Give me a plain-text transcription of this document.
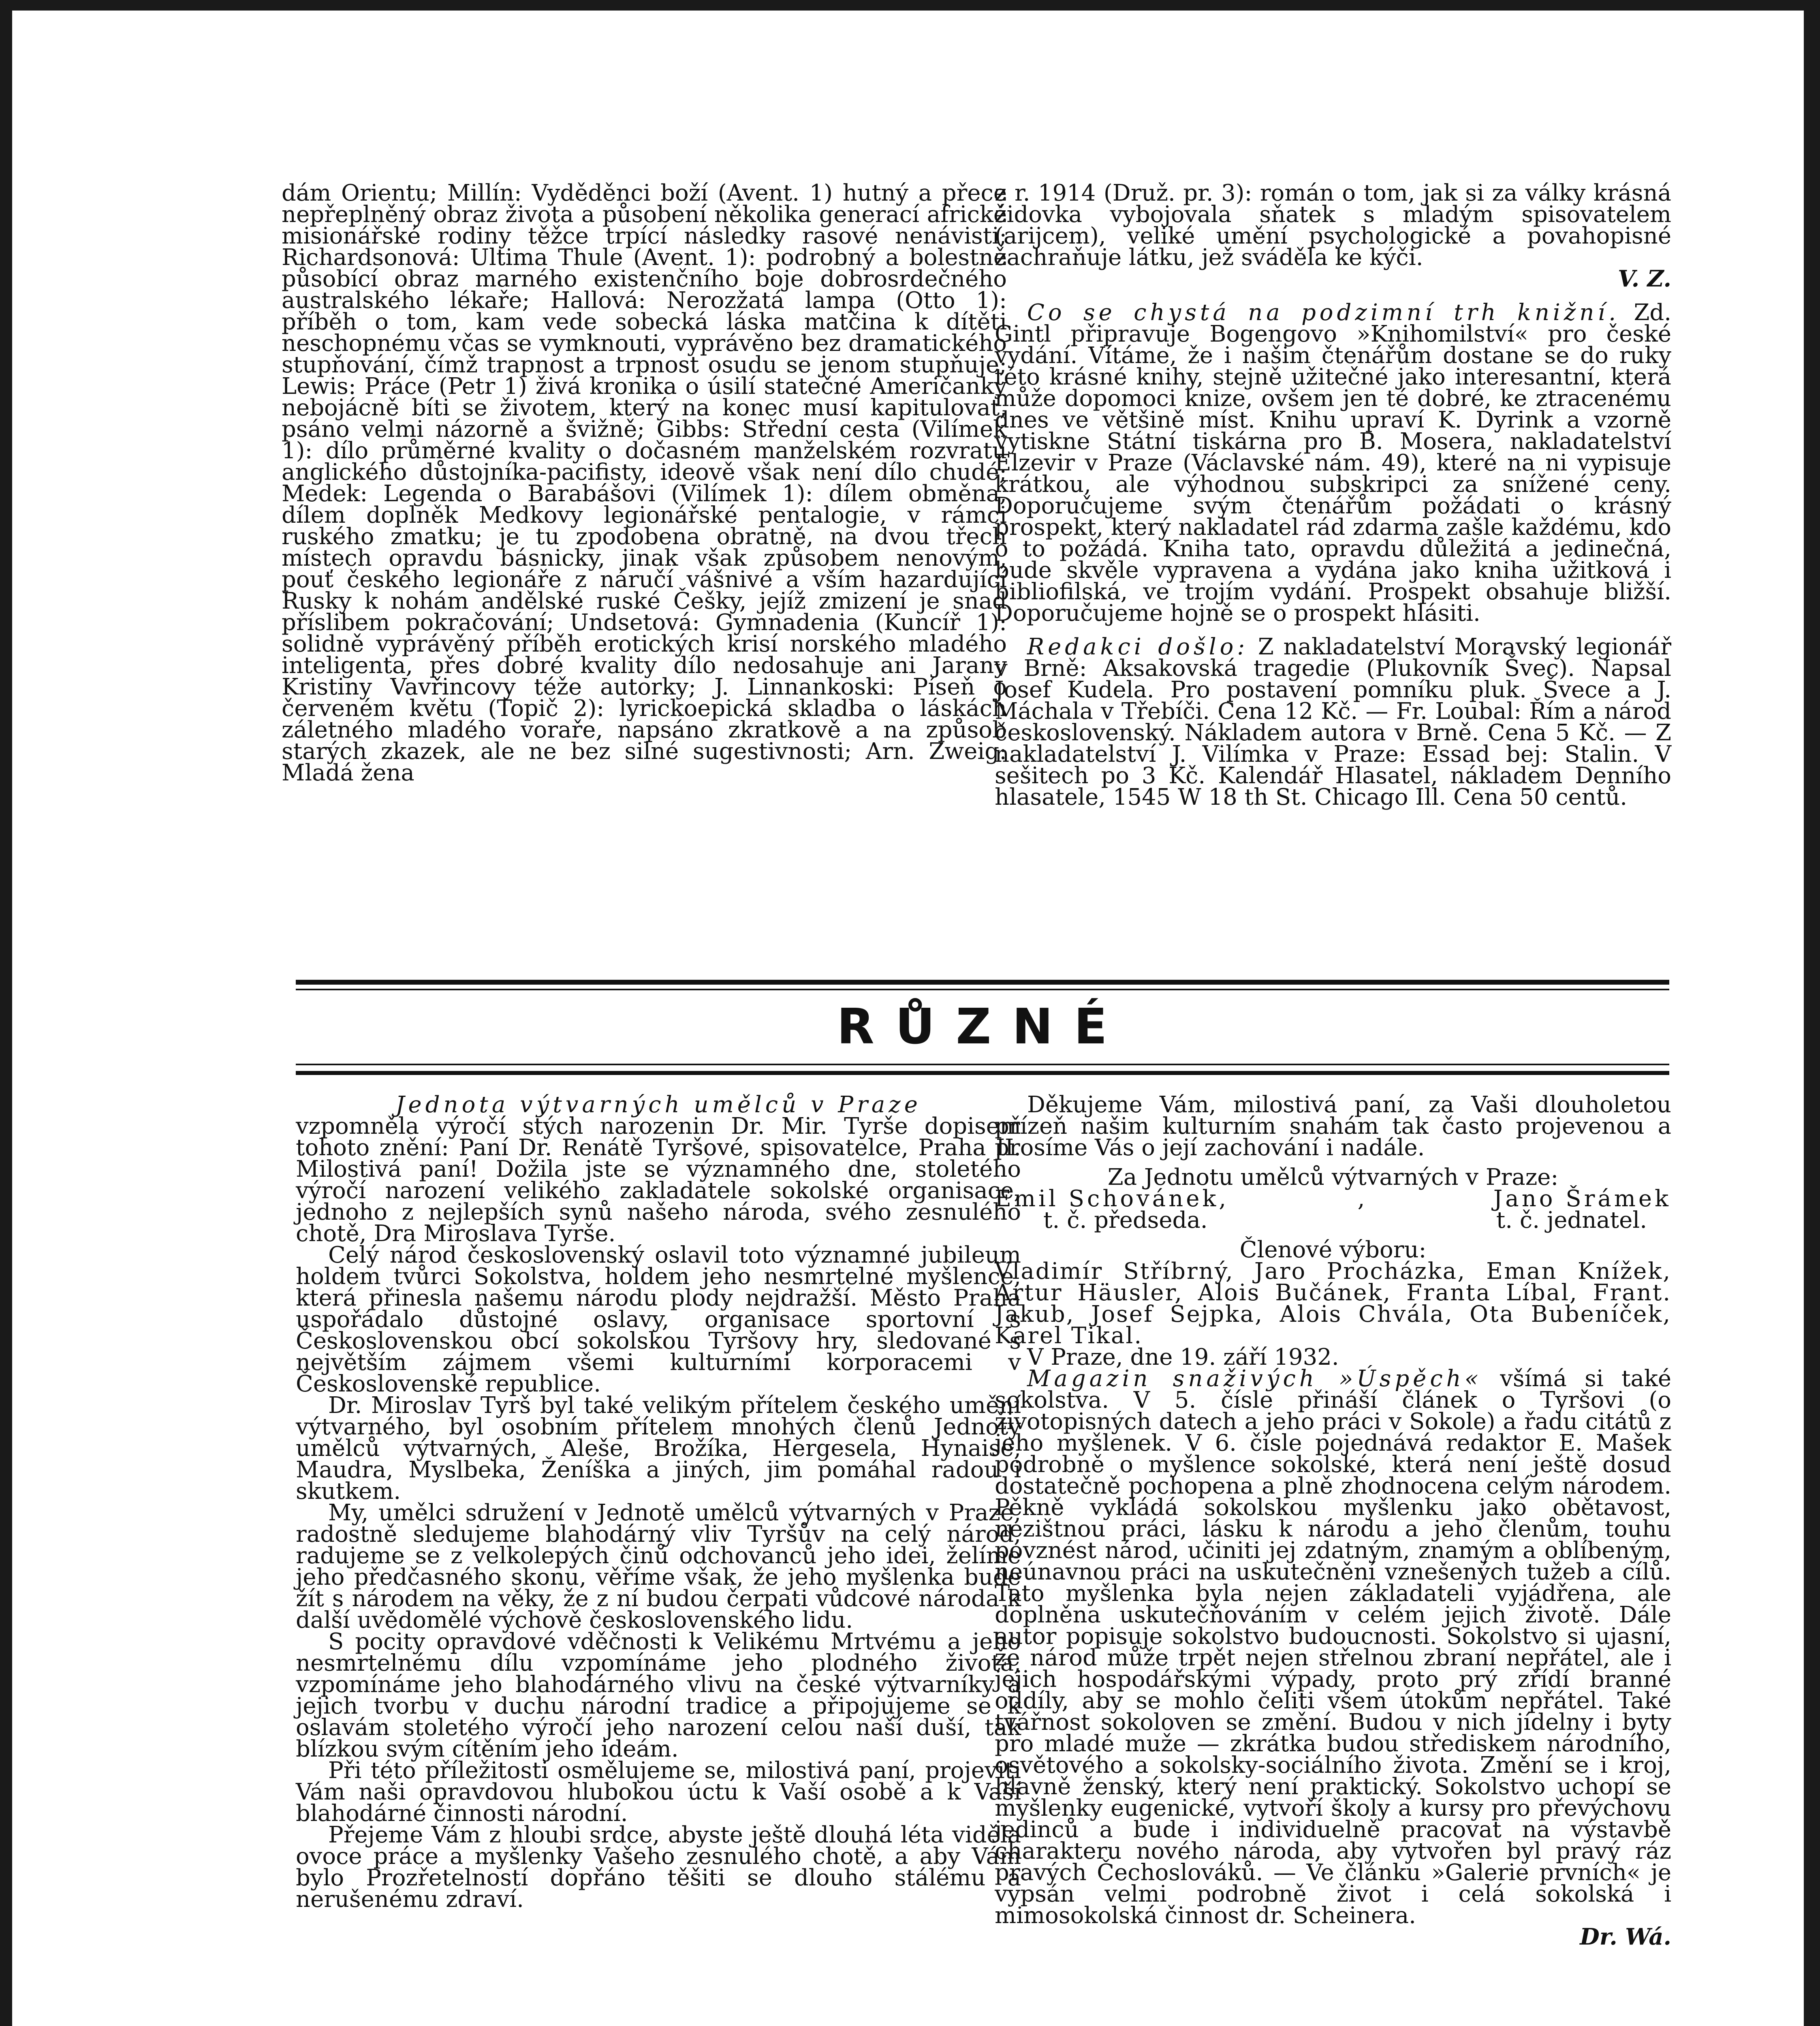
dám Orientu; Millín: Vyděděnci boží (Avent. 1) hutný a přece nepřeplněný obraz života a působení několika generací africké misionářské rodiny těžce trpící následky rasové nenávisti; Richardsonová: Ultima Thule (Avent. 1): podrobný a bolestně působící obraz marného existenčního boje dobrosrdečného australského lékaře; Hallová: Nerozžatá lampa (Otto 1): příběh o tom, kam vede sobecká láska matčina k dítěti neschopnému včas se vymknouti, vyprávěno bez dramatického stupňování, čímž trapnost a trpnost osudu se jenom stupňuje; Lewis: Práce (Petr 1) živá kronika o úsilí statečné Američanky nebojácně bíti se životem, který na konec musí kapitulovat, psáno velmi názorně a švižně; Gibbs: Střední cesta (Vilímek 1): dílo průměrné kvality o dočasném manželském rozvratu anglického důstojníka-pacifisty, ideově však není dílo chudé; Medek: Legenda o Barabášovi (Vilímek 1): dílem obměna, dílem doplněk Medkovy legionářské pentalogie, v rámci ruského zmatku; je tu zpodobena obratně, na dvou třech místech opravdu básnicky, jinak však způsobem nenovým, pouť českého legionáře z náručí vášnivé a vším hazardující Rusky k nohám andělské ruské Češky, jejíž zmizení je snad příslibem pokračování; Undsetová: Gymnadenia (Kuncíř 1): solidně vyprávěný příběh erotických krisí norského mladého inteligenta, přes dobré kvality dílo nedosahuje ani Jarany Kristiny Vavřincovy téže autorky; J. Linnankoski: Píseň o červeném květu (Topič 2): lyrickoepická skladba o láskách záletného mladého voraře, napsáno zkratkově a na způsob starých zkazek, ale ne bez silné sugestivnosti; Arn. Zweig: Mladá žena

z r. 1914 (Druž. pr. 3): román o tom, jak si za války krásná židovka vybojovala sňatek s mladým spisovatelem (arijcem), veliké umění psychologické a povahopisné zachraňuje látku, jež sváděla ke kýči.

V. Z.

Co se chystá na podzimní trh knižní. Zd. Gintl připravuje Bogengovo »Knihomilství« pro české vydání. Vítáme, že i našim čtenářům dostane se do ruky této krásné knihy, stejně užitečné jako interesantní, která může dopomoci knize, ovšem jen té dobré, ke ztracenému dnes ve většině míst. Knihu upraví K. Dyrink a vzorně vytiskne Státní tiskárna pro B. Mosera, nakladatelství Elzevir v Praze (Václavské nám. 49), které na ni vypisuje krátkou, ale výhodnou subskripci za snížené ceny. Doporučujeme svým čtenářům požádati o krásný prospekt, který nakladatel rád zdarma zašle každému, kdo o to požádá. Kniha tato, opravdu důležitá a jedinečná, bude skvěle vypravena a vydána jako kniha užitková i bibliofilská, ve trojím vydání. Prospekt obsahuje bližší. Doporučujeme hojně se o prospekt hlásiti.

Redakci došlo: Z nakladatelství Moravský legionář v Brně: Aksakovská tragedie (Plukovník Švec). Napsal Josef Kudela. Pro postavení pomníku pluk. Švece a J. Máchala v Třebíči. Cena 12 Kč. — Fr. Loubal: Řím a národ československý. Nákladem autora v Brně. Cena 5 Kč. — Z nakladatelství J. Vilímka v Praze: Essad bej: Stalin. V sešitech po 3 Kč. Kalendář Hlasatel, nákladem Denního hlasatele, 1545 W 18 th St. Chicago Ill. Cena 50 centů.

RŮZNÉ

Jednota výtvarných umělců v Praze

vzpomněla výročí stých narozenin Dr. Mir. Tyrše dopisem tohoto znění: Paní Dr. Renátě Tyršové, spisovatelce, Praha II. Milostivá paní! Dožila jste se významného dne, stoletého výročí narození velikého zakladatele sokolské organisace, jednoho z nejlepších synů našeho národa, svého zesnulého chotě, Dra Miroslava Tyrše.

Celý národ československý oslavil toto významné jubileum holdem tvůrci Sokolstva, holdem jeho nesmrtelné myšlence, která přinesla našemu národu plody nejdražší. Město Praha uspořádalo důstojné oslavy, organisace sportovní s Československou obcí sokolskou Tyršovy hry, sledované s největším zájmem všemi kulturními korporacemi v Československé republice.

Dr. Miroslav Tyrš byl také velikým přítelem českého umění výtvarného, byl osobním přítelem mnohých členů Jednoty umělců výtvarných, Aleše, Brožíka, Hergesela, Hynaise, Maudra, Myslbeka, Ženíška a jiných, jim pomáhal radou i skutkem.

My, umělci sdružení v Jednotě umělců výtvarných v Praze, radostně sledujeme blahodárný vliv Tyršův na celý národ, radujeme se z velkolepých činů odchovanců jeho idei, želíme jeho předčasného skonu, věříme však, že jeho myšlenka bude žít s národem na věky, že z ní budou čerpati vůdcové národa k další uvědomělé výchově československého lidu.

S pocity opravdové vděčnosti k Velikému Mrtvému a jeho nesmrtelnému dílu vzpomínáme jeho plodného života, vzpomínáme jeho blahodárného vlivu na české výtvarníky a jejich tvorbu v duchu národní tradice a připojujeme se k oslavám stoletého výročí jeho narození celou naší duší, tak blízkou svým cítěním jeho ideám.

Při této příležitosti osmělujeme se, milostivá paní, projeviti Vám naši opravdovou hlubokou úctu k Vaší osobě a k Vaší blahodárné činnosti národní.

Přejeme Vám z hloubi srdce, abyste ještě dlouhá léta viděla ovoce práce a myšlenky Vašeho zesnulého chotě, a aby Vám bylo Prozřetelností dopřáno těšiti se dlouho stálému a nerušenému zdraví.

Děkujeme Vám, milostivá paní, za Vaši dlouholetou přízeň našim kulturním snahám tak často projevenou a prosíme Vás o její zachování i nadále.

Za Jednotu umělců výtvarných v Praze:

Emil Schovánek,	,	Jano Šrámek
t. č. předseda.	t. č. jednatel.

Členové výboru:

Vladimír Stříbrný, Jaro Procházka, Eman Knížek, Artur Häusler, Alois Bučánek, Franta Líbal, Frant. Jakub, Josef Sejpka, Alois Chvála, Ota Bubeníček, Karel Tikal.

V Praze, dne 19. září 1932.

Magazin snaživých »Úspěch« všímá si také sokolstva. V 5. čísle přináší článek o Tyršovi (o životopisných datech a jeho práci v Sokole) a řadu citátů z jeho myšlenek. V 6. čísle pojednává redaktor E. Mašek podrobně o myšlence sokolské, která není ještě dosud dostatečně pochopena a plně zhodnocena celým národem. Pěkně vykládá sokolskou myšlenku jako obětavost, nezištnou práci, lásku k národu a jeho členům, touhu povznést národ, učiniti jej zdatným, znamým a oblíbeným, neúnavnou práci na uskutečnění vznešených tužeb a cílů. Tato myšlenka byla nejen základateli vyjádřena, ale doplněna uskutečňováním v celém jejich životě. Dále autor popisuje sokolstvo budoucnosti. Sokolstvo si ujasní, že národ může trpět nejen střelnou zbraní nepřátel, ale i jejich hospodářskými výpady, proto prý zřídí branné oddíly, aby se mohlo čeliti všem útokům nepřátel. Také tvářnost sokoloven se změní. Budou v nich jídelny i byty pro mladé muže — zkrátka budou střediskem národního, osvětového a sokolsky-sociálního života. Změní se i kroj, hlavně ženský, který není praktický. Sokolstvo uchopí se myšlenky eugenické, vytvoří školy a kursy pro převýchovu jedinců a bude i individuelně pracovat na výstavbě charakteru nového národa, aby vytvořen byl pravý ráz pravých Čechoslováků. — Ve článku »Galerie prvních« je vypsán velmi podrobně život i celá sokolská i mimosokolská činnost dr. Scheinera.

Dr. Wá.
